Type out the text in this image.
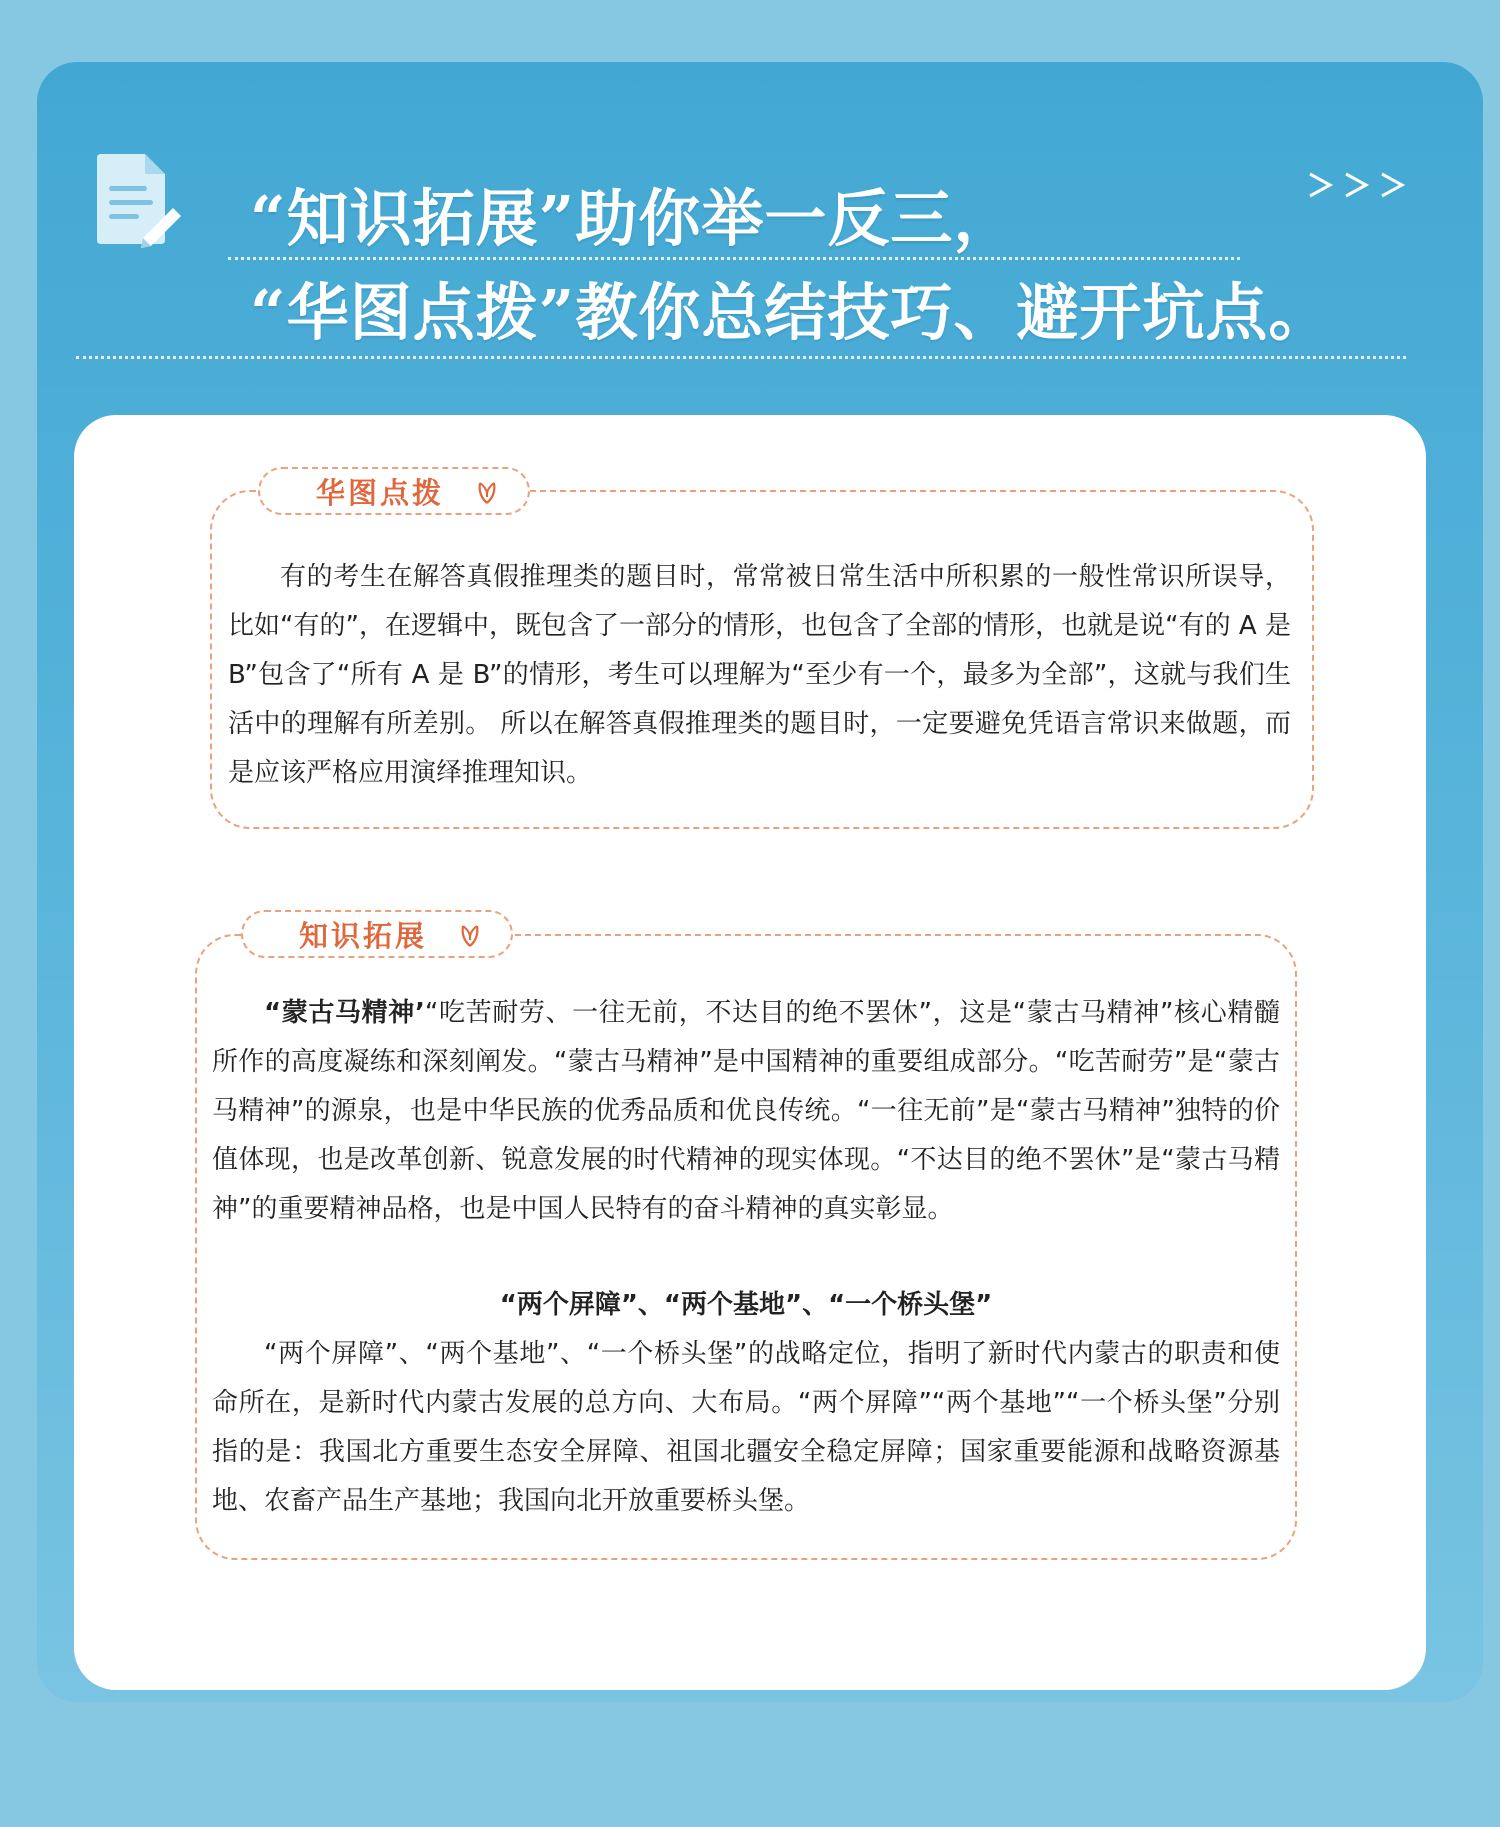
“知识拓展”助你举一反三，
“华图点拨”教你总结技巧、避开坑点。
华图点拨
有的考生在解答真假推理类的题目时，常常被日常生活中所积累的一般性常识所误导，比如“有的”，在逻辑中，既包含了一部分的情形，也包含了全部的情形，也就是说“有的 A 是 B”包含了“所有 A 是 B”的情形，考生可以理解为“至少有一个，最多为全部”，这就与我们生活中的理解有所差别。 所以在解答真假推理类的题目时，一定要避免凭语言常识来做题，而是应该严格应用演绎推理知识。
知识拓展
“蒙古马精神’“吃苦耐劳、一往无前，不达目的绝不罢休”，这是“蒙古马精神”核心精髓所作的高度凝练和深刻阐发。“蒙古马精神”是中国精神的重要组成部分。“吃苦耐劳”是“蒙古马精神”的源泉，也是中华民族的优秀品质和优良传统。“一往无前”是“蒙古马精神”独特的价值体现，也是改革创新、锐意发展的时代精神的现实体现。“不达目的绝不罢休”是“蒙古马精神”的重要精神品格，也是中国人民特有的奋斗精神的真实彰显。
“两个屏障”、“两个基地”、“一个桥头堡”
“两个屏障”、“两个基地”、“一个桥头堡”的战略定位，指明了新时代内蒙古的职责和使命所在，是新时代内蒙古发展的总方向、大布局。“两个屏障”“两个基地”“一个桥头堡”分别指的是：我国北方重要生态安全屏障、祖国北疆安全稳定屏障；国家重要能源和战略资源基地、农畜产品生产基地；我国向北开放重要桥头堡。
